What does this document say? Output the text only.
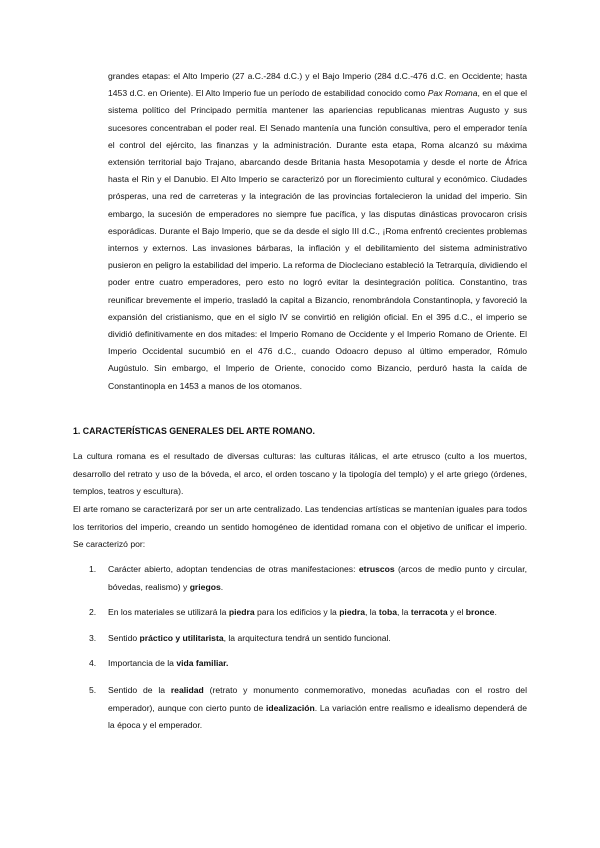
grandes etapas: el Alto Imperio (27 a.C.-284 d.C.) y el Bajo Imperio (284 d.C.-476 d.C. en Occidente; hasta 1453 d.C. en Oriente). El Alto Imperio fue un período de estabilidad conocido como Pax Romana, en el que el sistema político del Principado permitía mantener las apariencias republicanas mientras Augusto y sus sucesores concentraban el poder real. El Senado mantenía una función consultiva, pero el emperador tenía el control del ejército, las finanzas y la administración. Durante esta etapa, Roma alcanzó su máxima extensión territorial bajo Trajano, abarcando desde Britania hasta Mesopotamia y desde el norte de África hasta el Rin y el Danubio. El Alto Imperio se caracterizó por un florecimiento cultural y económico. Ciudades prósperas, una red de carreteras y la integración de las provincias fortalecieron la unidad del imperio. Sin embargo, la sucesión de emperadores no siempre fue pacífica, y las disputas dinásticas provocaron crisis esporádicas. Durante el Bajo Imperio, que se da desde el siglo III d.C., ¡Roma enfrentó crecientes problemas internos y externos. Las invasiones bárbaras, la inflación y el debilitamiento del sistema administrativo pusieron en peligro la estabilidad del imperio. La reforma de Diocleciano estableció la Tetrarquía, dividiendo el poder entre cuatro emperadores, pero esto no logró evitar la desintegración política. Constantino, tras reunificar brevemente el imperio, trasladó la capital a Bizancio, renombrándola Constantinopla, y favoreció la expansión del cristianismo, que en el siglo IV se convirtió en religión oficial. En el 395 d.C., el imperio se dividió definitivamente en dos mitades: el Imperio Romano de Occidente y el Imperio Romano de Oriente. El Imperio Occidental sucumbió en el 476 d.C., cuando Odoacro depuso al último emperador, Rómulo Augústulo. Sin embargo, el Imperio de Oriente, conocido como Bizancio, perduró hasta la caída de Constantinopla en 1453 a manos de los otomanos.

1. CARACTERÍSTICAS GENERALES DEL ARTE ROMANO.

La cultura romana es el resultado de diversas culturas: las culturas itálicas, el arte etrusco (culto a los muertos, desarrollo del retrato y uso de la bóveda, el arco, el orden toscano y la tipología del templo) y el arte griego (órdenes, templos, teatros y escultura).

El arte romano se caracterizará por ser un arte centralizado. Las tendencias artísticas se mantenían iguales para todos los territorios del imperio, creando un sentido homogéneo de identidad romana con el objetivo de unificar el imperio. Se caracterizó por:

1. Carácter abierto, adoptan tendencias de otras manifestaciones: etruscos (arcos de medio punto y circular, bóvedas, realismo) y griegos.
2. En los materiales se utilizará la piedra para los edificios y la piedra, la toba, la terracota y el bronce.
3. Sentido práctico y utilitarista, la arquitectura tendrá un sentido funcional.
4. Importancia de la vida familiar.
5. Sentido de la realidad (retrato y monumento conmemorativo, monedas acuñadas con el rostro del emperador), aunque con cierto punto de idealización. La variación entre realismo e idealismo dependerá de la época y el emperador.
